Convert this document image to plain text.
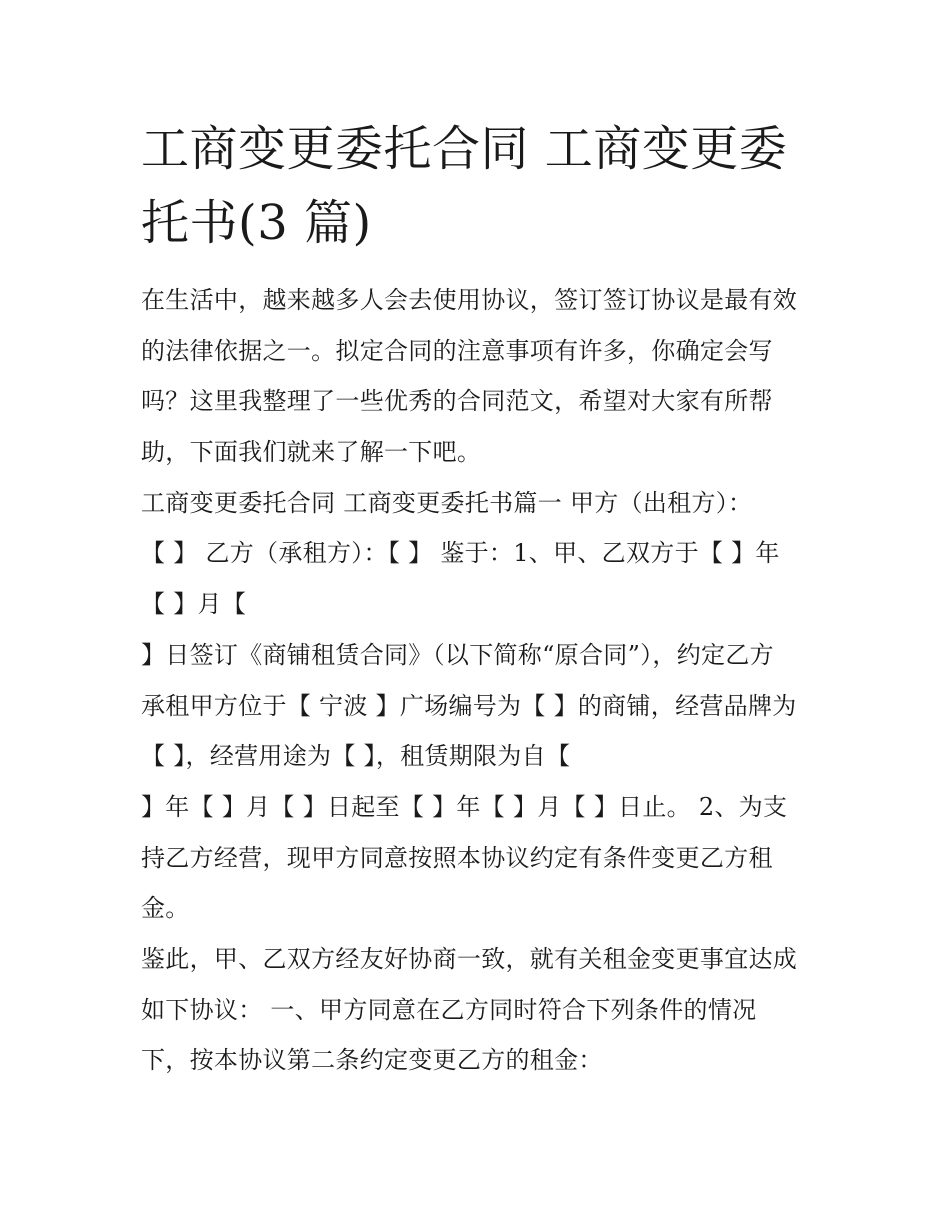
工商变更委托合同 工商变更委
托书(3 篇)
在生活中，越来越多人会去使用协议，签订签订协议是最有效
的法律依据之一。拟定合同的注意事项有许多，你确定会写
吗？这里我整理了一些优秀的合同范文，希望对大家有所帮
助，下面我们就来了解一下吧。
工商变更委托合同 工商变更委托书篇一 甲方（出租方）：
【 】 乙方（承租方）：【 】 鉴于：1、甲、乙双方于【 】年
【 】月【
】日签订《商铺租赁合同》（以下简称“原合同”），约定乙方
承租甲方位于【 宁波 】广场编号为【 】的商铺，经营品牌为
【 】，经营用途为【 】，租赁期限为自【
】年【 】月【 】日起至【 】年【 】月【 】日止。 2、为支
持乙方经营，现甲方同意按照本协议约定有条件变更乙方租
金。
鉴此，甲、乙双方经友好协商一致，就有关租金变更事宜达成
如下协议： 一、甲方同意在乙方同时符合下列条件的情况
下，按本协议第二条约定变更乙方的租金：
